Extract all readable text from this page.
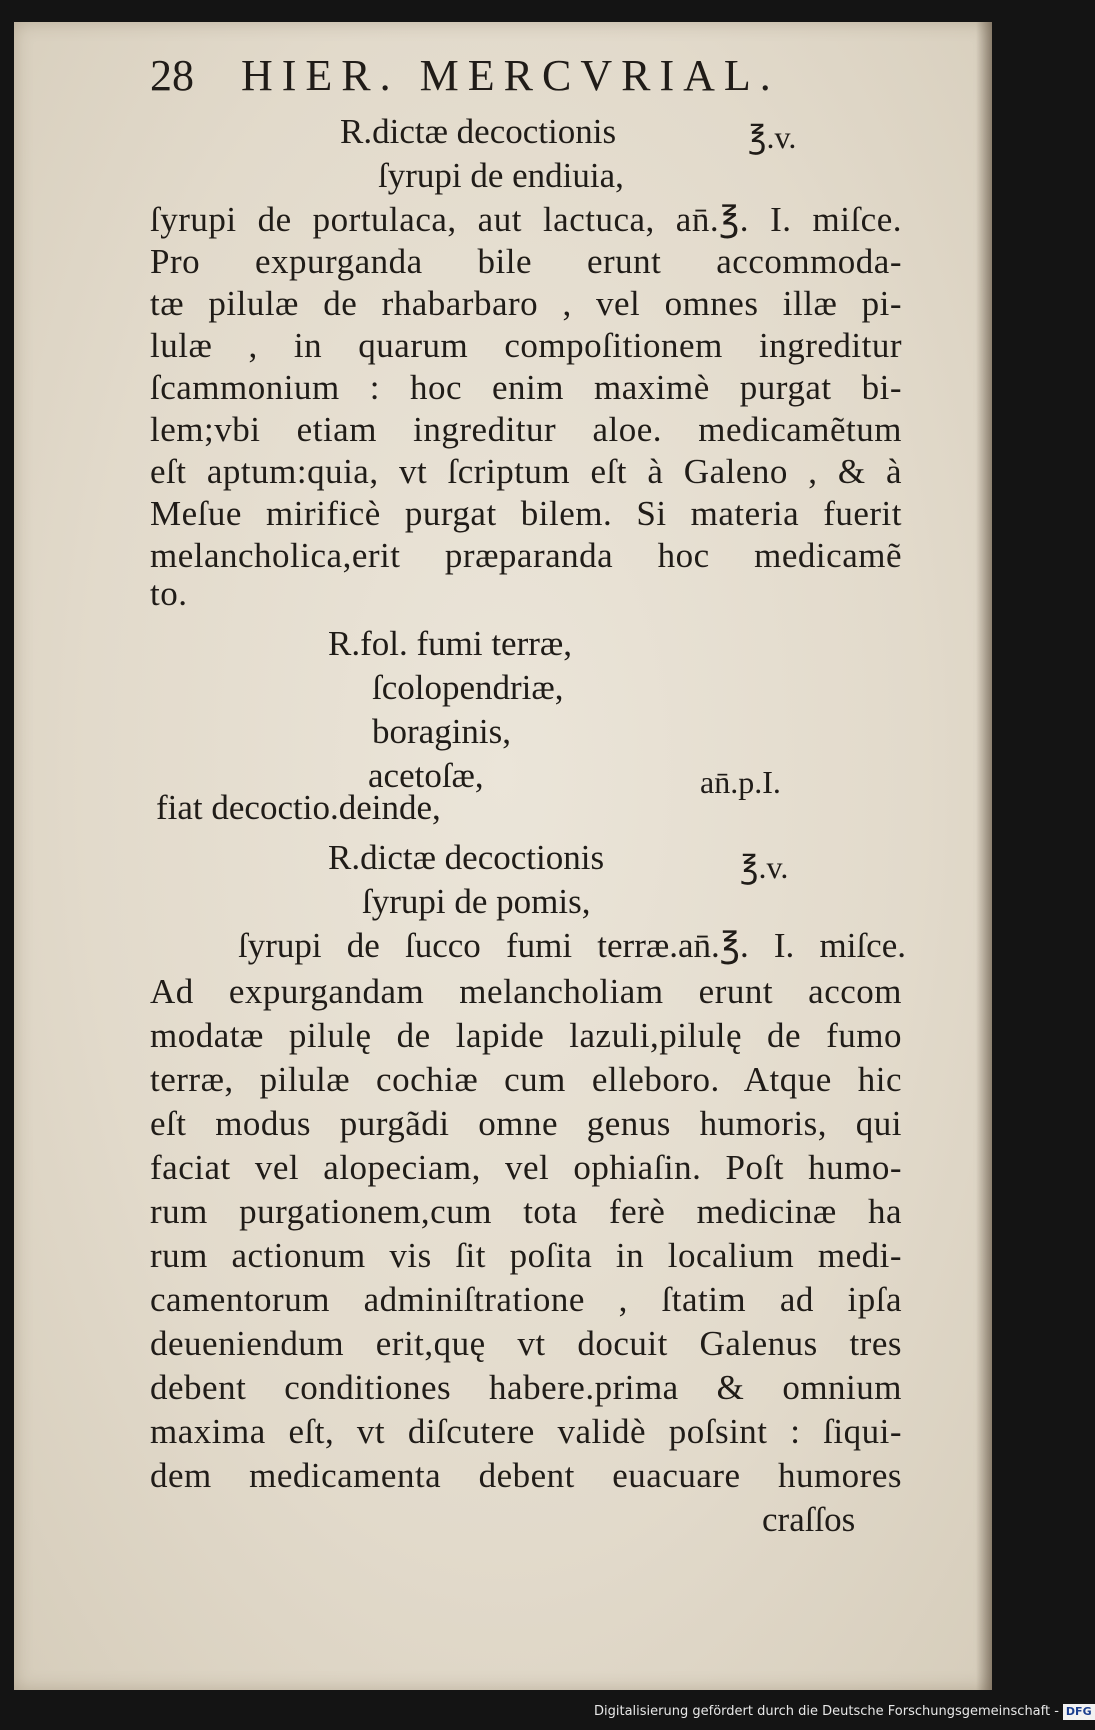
28 HIER. MERCVRIAL.
R.dictæ decoctionis	℥.v.
ſyrupi de endiuia,
ſyrupi de portulaca, aut lactuca, an̄.℥. I. miſce.
Pro expurganda bile erunt accommoda-
tæ pilulæ de rhabarbaro , vel omnes illæ pi-
lulæ , in quarum compoſitionem ingreditur
ſcammonium : hoc enim maximè purgat bi-
lem;vbi etiam ingreditur aloe. medicamẽtum
eſt aptum:quia, vt ſcriptum eſt à Galeno , & à
Meſue mirificè purgat bilem. Si materia fuerit
melancholica,erit præparanda hoc medicamẽ
to.
R.fol. fumi terræ,
ſcolopendriæ,
boraginis,
acetoſæ,	an̄.p.I.
fiat decoctio.deinde,
R.dictæ decoctionis	℥.v.
ſyrupi de pomis,
ſyrupi de ſucco fumi terræ.an̄.℥. I. miſce.
Ad expurgandam melancholiam erunt accom
modatæ pilulę de lapide lazuli,pilulę de fumo
terræ, pilulæ cochiæ cum elleboro. Atque hic
eſt modus purgãdi omne genus humoris, qui
faciat vel alopeciam, vel ophiaſin. Poſt humo-
rum purgationem,cum tota ferè medicinæ ha
rum actionum vis ſit poſita in localium medi-
camentorum adminiſtratione , ſtatim ad ipſa
deueniendum erit,quę vt docuit Galenus tres
debent conditiones habere.prima & omnium
maxima eſt, vt diſcutere validè poſsint : ſiqui-
dem medicamenta debent euacuare humores
craſſos
Digitalisierung gefördert durch die Deutsche Forschungsgemeinschaft - DFG
